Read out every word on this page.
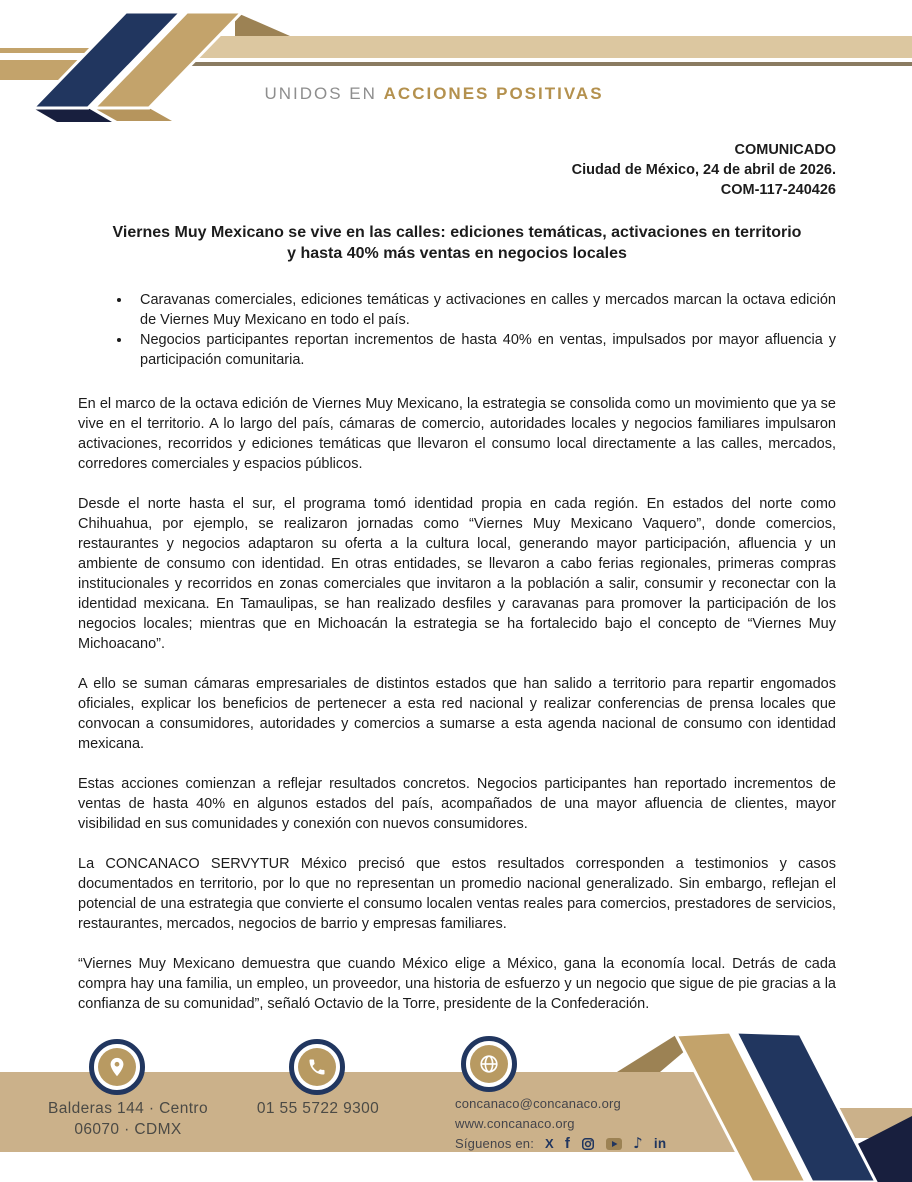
UNIDOS EN ACCIONES POSITIVAS
COMUNICADO
Ciudad de México, 24 de abril de 2026.
COM-117-240426
Viernes Muy Mexicano se vive en las calles: ediciones temáticas, activaciones en territorio y hasta 40% más ventas en negocios locales
• Caravanas comerciales, ediciones temáticas y activaciones en calles y mercados marcan la octava edición de Viernes Muy Mexicano en todo el país.
• Negocios participantes reportan incrementos de hasta 40% en ventas, impulsados por mayor afluencia y participación comunitaria.

En el marco de la octava edición de Viernes Muy Mexicano, la estrategia se consolida como un movimiento que ya se vive en el territorio. A lo largo del país, cámaras de comercio, autoridades locales y negocios familiares impulsaron activaciones, recorridos y ediciones temáticas que llevaron el consumo local directamente a las calles, mercados, corredores comerciales y espacios públicos.

Desde el norte hasta el sur, el programa tomó identidad propia en cada región. En estados del norte como Chihuahua, por ejemplo, se realizaron jornadas como “Viernes Muy Mexicano Vaquero”, donde comercios, restaurantes y negocios adaptaron su oferta a la cultura local, generando mayor participación, afluencia y un ambiente de consumo con identidad. En otras entidades, se llevaron a cabo ferias regionales, primeras compras institucionales y recorridos en zonas comerciales que invitaron a la población a salir, consumir y reconectar con la identidad mexicana. En Tamaulipas, se han realizado desfiles y caravanas para promover la participación de los negocios locales; mientras que en Michoacán la estrategia se ha fortalecido bajo el concepto de “Viernes Muy Michoacano”.

A ello se suman cámaras empresariales de distintos estados que han salido a territorio para repartir engomados oficiales, explicar los beneficios de pertenecer a esta red nacional y realizar conferencias de prensa locales que convocan a consumidores, autoridades y comercios a sumarse a esta agenda nacional de consumo con identidad mexicana.

Estas acciones comienzan a reflejar resultados concretos. Negocios participantes han reportado incrementos de ventas de hasta 40% en algunos estados del país, acompañados de una mayor afluencia de clientes, mayor visibilidad en sus comunidades y conexión con nuevos consumidores.

La CONCANACO SERVYTUR México precisó que estos resultados corresponden a testimonios y casos documentados en territorio, por lo que no representan un promedio nacional generalizado. Sin embargo, reflejan el potencial de una estrategia que convierte el consumo localen ventas reales para comercios, prestadores de servicios, restaurantes, mercados, negocios de barrio y empresas familiares.

“Viernes Muy Mexicano demuestra que cuando México elige a México, gana la economía local. Detrás de cada compra hay una familia, un empleo, un proveedor, una historia de esfuerzo y un negocio que sigue de pie gracias a la confianza de su comunidad”, señaló Octavio de la Torre, presidente de la Confederación.

Balderas 144 · Centro
06070 · CDMX
01 55 5722 9300	concanaco@concanaco.org
www.concanaco.org
Síguenos en: X f	♪ in
